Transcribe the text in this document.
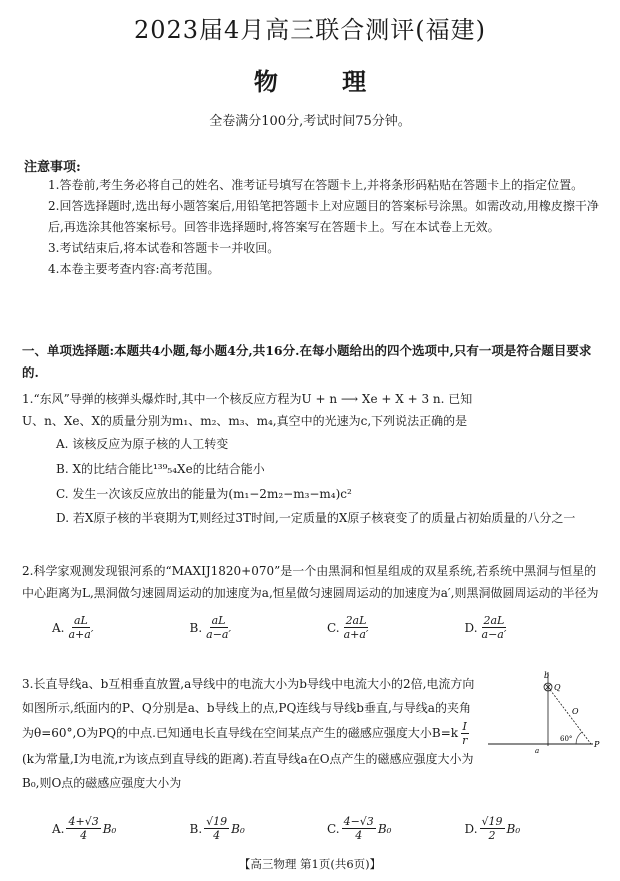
2023届4月高三联合测评(福建)
物 理
全卷满分100分,考试时间75分钟。
注意事项:

1.答卷前,考生务必将自己的姓名、准考证号填写在答题卡上,并将条形码粘贴在答题卡上的指定位置。

2.回答选择题时,选出每小题答案后,用铅笔把答题卡上对应题目的答案标号涂黑。如需改动,用橡皮擦干净后,再选涂其他答案标号。回答非选择题时,将答案写在答题卡上。写在本试卷上无效。

3.考试结束后,将本试卷和答题卡一并收回。

4.本卷主要考查内容:高考范围。

一、单项选择题:本题共4小题,每小题4分,共16分.在每小题给出的四个选项中,只有一项是符合题目要求的.

1.“东风”导弹的核弹头爆炸时,其中一个核反应方程为U + n ⟶ Xe + X + 3 n. 已知

U、n、Xe、X的质量分别为m₁、m₂、m₃、m₄,真空中的光速为c,下列说法正确的是

A. 该核反应为原子核的人工转变
B. X的比结合能比¹³⁹₅₄Xe的比结合能小
C. 发生一次该反应放出的能量为(m₁−2m₂−m₃−m₄)c²
D. 若X原子核的半衰期为T,则经过3T时间,一定质量的X原子核衰变了的质量占初始质量的八分之一

2.科学家观测发现银河系的“MAXIJ1820+070”是一个由黑洞和恒星组成的双星系统,若系统中黑洞与恒星的中心距离为L,黑洞做匀速圆周运动的加速度为a,恒星做匀速圆周运动的加速度为a′,则黑洞做圆周运动的半径为

A. $\frac{aL}{a+a'}$	B. $\frac{aL}{a-a'}$	C. $\frac{2aL}{a+a'}$	D. $\frac{2aL}{a-a'}$

3.长直导线a、b互相垂直放置,a导线中的电流大小为b导线中电流大小的2倍,电流方向如图所示,纸面内的P、Q分别是a、b导线上的点,PQ连线与导线b垂直,与导线a的夹角为θ=60°,O为PQ的中点.已知通电长直导线在空间某点产生的磁感应强度大小$B=k \frac{I}{r}$
(k为常量,I为电流,r为该点到直导线的距离).若直导线a在O点产生的磁感应强度大小为B₀,则O点的磁感应强度大小为

A. $\frac{4+√3}{4} B_0$	B. $\frac{√19}{4} B_0$	C. $\frac{4-√3}{4} B_0$	D. $\frac{√19}{2} B_0$
b
Q
O
a
P
60°
【高三物理 第1页(共6页)】
